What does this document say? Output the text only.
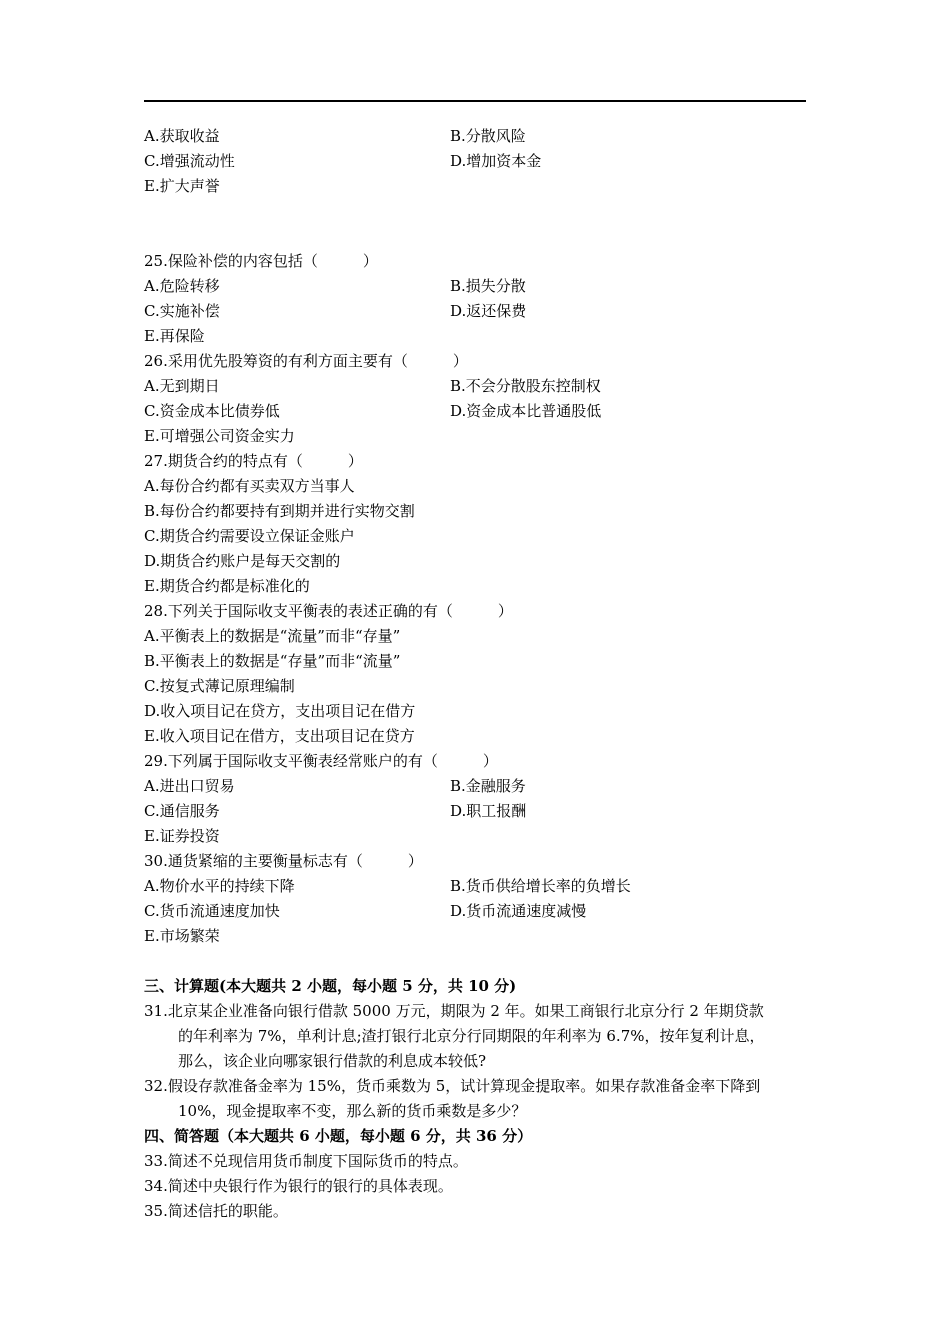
A.获取收益	B.分散风险
C.增强流动性	D.增加资本金
E.扩大声誉
25.保险补偿的内容包括（　　　）
A.危险转移	B.损失分散
C.实施补偿	D.返还保费
E.再保险
26.采用优先股筹资的有利方面主要有（　　　）
A.无到期日	B.不会分散股东控制权
C.资金成本比债券低	D.资金成本比普通股低
E.可增强公司资金实力
27.期货合约的特点有（　　　）
A.每份合约都有买卖双方当事人
B.每份合约都要持有到期并进行实物交割
C.期货合约需要设立保证金账户
D.期货合约账户是每天交割的
E.期货合约都是标准化的
28.下列关于国际收支平衡表的表述正确的有（　　　）
A.平衡表上的数据是“流量”而非“存量”
B.平衡表上的数据是“存量”而非“流量”
C.按复式薄记原理编制
D.收入项目记在贷方，支出项目记在借方
E.收入项目记在借方，支出项目记在贷方
29.下列属于国际收支平衡表经常账户的有（　　　）
A.进出口贸易	B.金融服务
C.通信服务	D.职工报酬
E.证券投资
30.通货紧缩的主要衡量标志有（　　　）
A.物价水平的持续下降	B.货币供给增长率的负增长
C.货币流通速度加快	D.货币流通速度减慢
E.市场繁荣
三、计算题(本大题共 2 小题，每小题 5 分，共 10 分)
31.北京某企业准备向银行借款 5000 万元，期限为 2 年。如果工商银行北京分行 2 年期贷款
的年利率为 7%，单利计息;渣打银行北京分行同期限的年利率为 6.7%，按年复利计息，
那么，该企业向哪家银行借款的利息成本较低?
32.假设存款准备金率为 15%，货币乘数为 5，试计算现金提取率。如果存款准备金率下降到
10%，现金提取率不变，那么新的货币乘数是多少？
四、简答题（本大题共 6 小题，每小题 6 分，共 36 分）
33.简述不兑现信用货币制度下国际货币的特点。
34.简述中央银行作为银行的银行的具体表现。
35.简述信托的职能。
